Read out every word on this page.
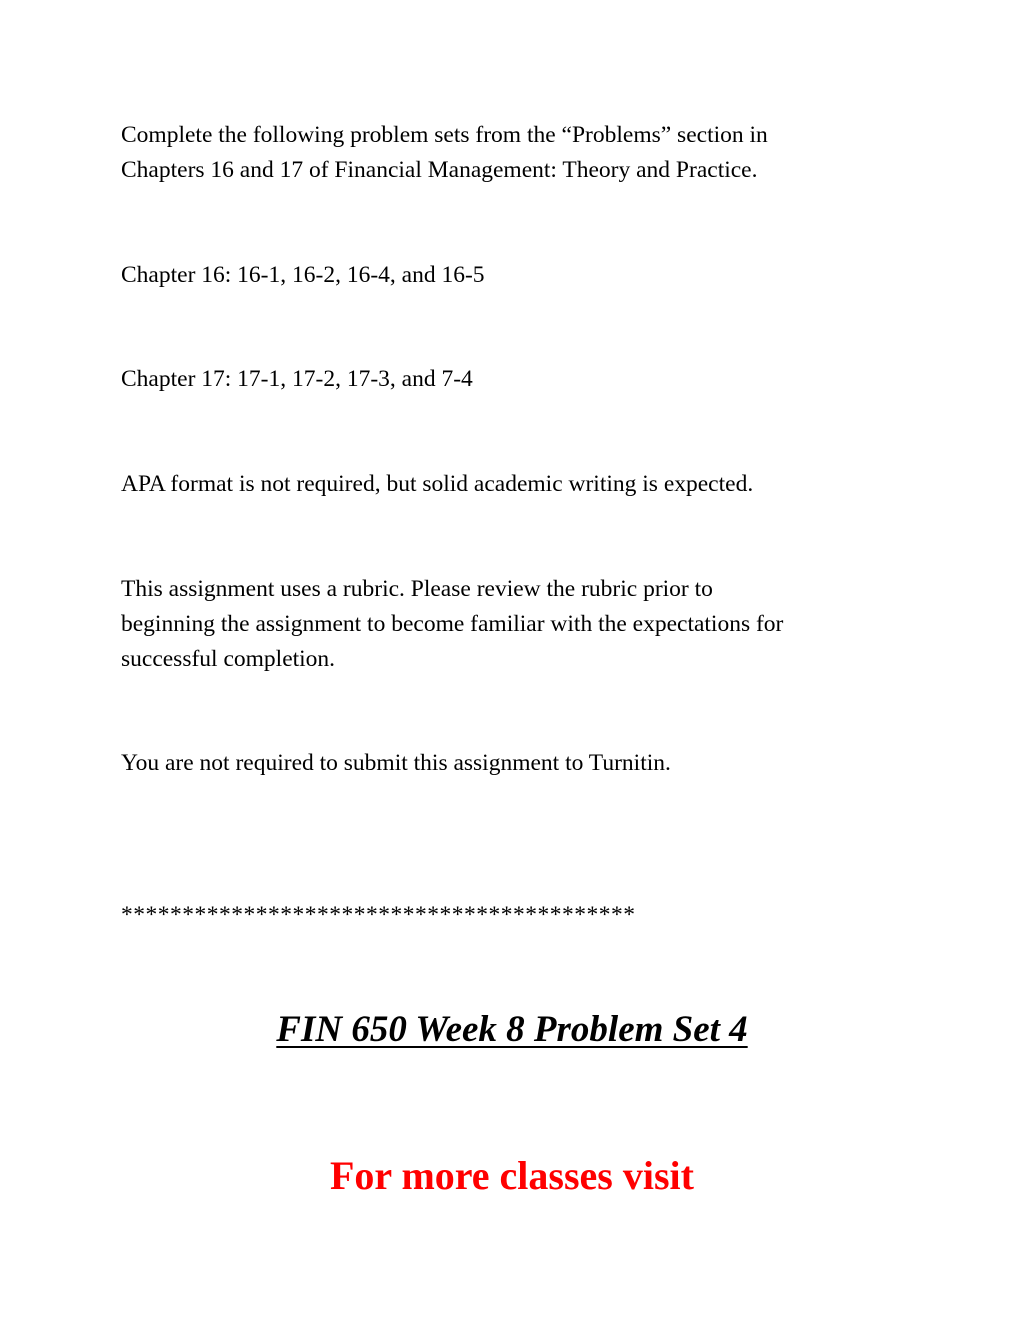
Complete the following problem sets from the “Problems” section in
Chapters 16 and 17 of Financial Management: Theory and Practice.

Chapter 16: 16-1, 16-2, 16-4, and 16-5

Chapter 17: 17-1, 17-2, 17-3, and 7-4

APA format is not required, but solid academic writing is expected.

This assignment uses a rubric. Please review the rubric prior to
beginning the assignment to become familiar with the expectations for
successful completion.

You are not required to submit this assignment to Turnitin.

******************************************

FIN 650 Week 8 Problem Set 4
For more classes visit
